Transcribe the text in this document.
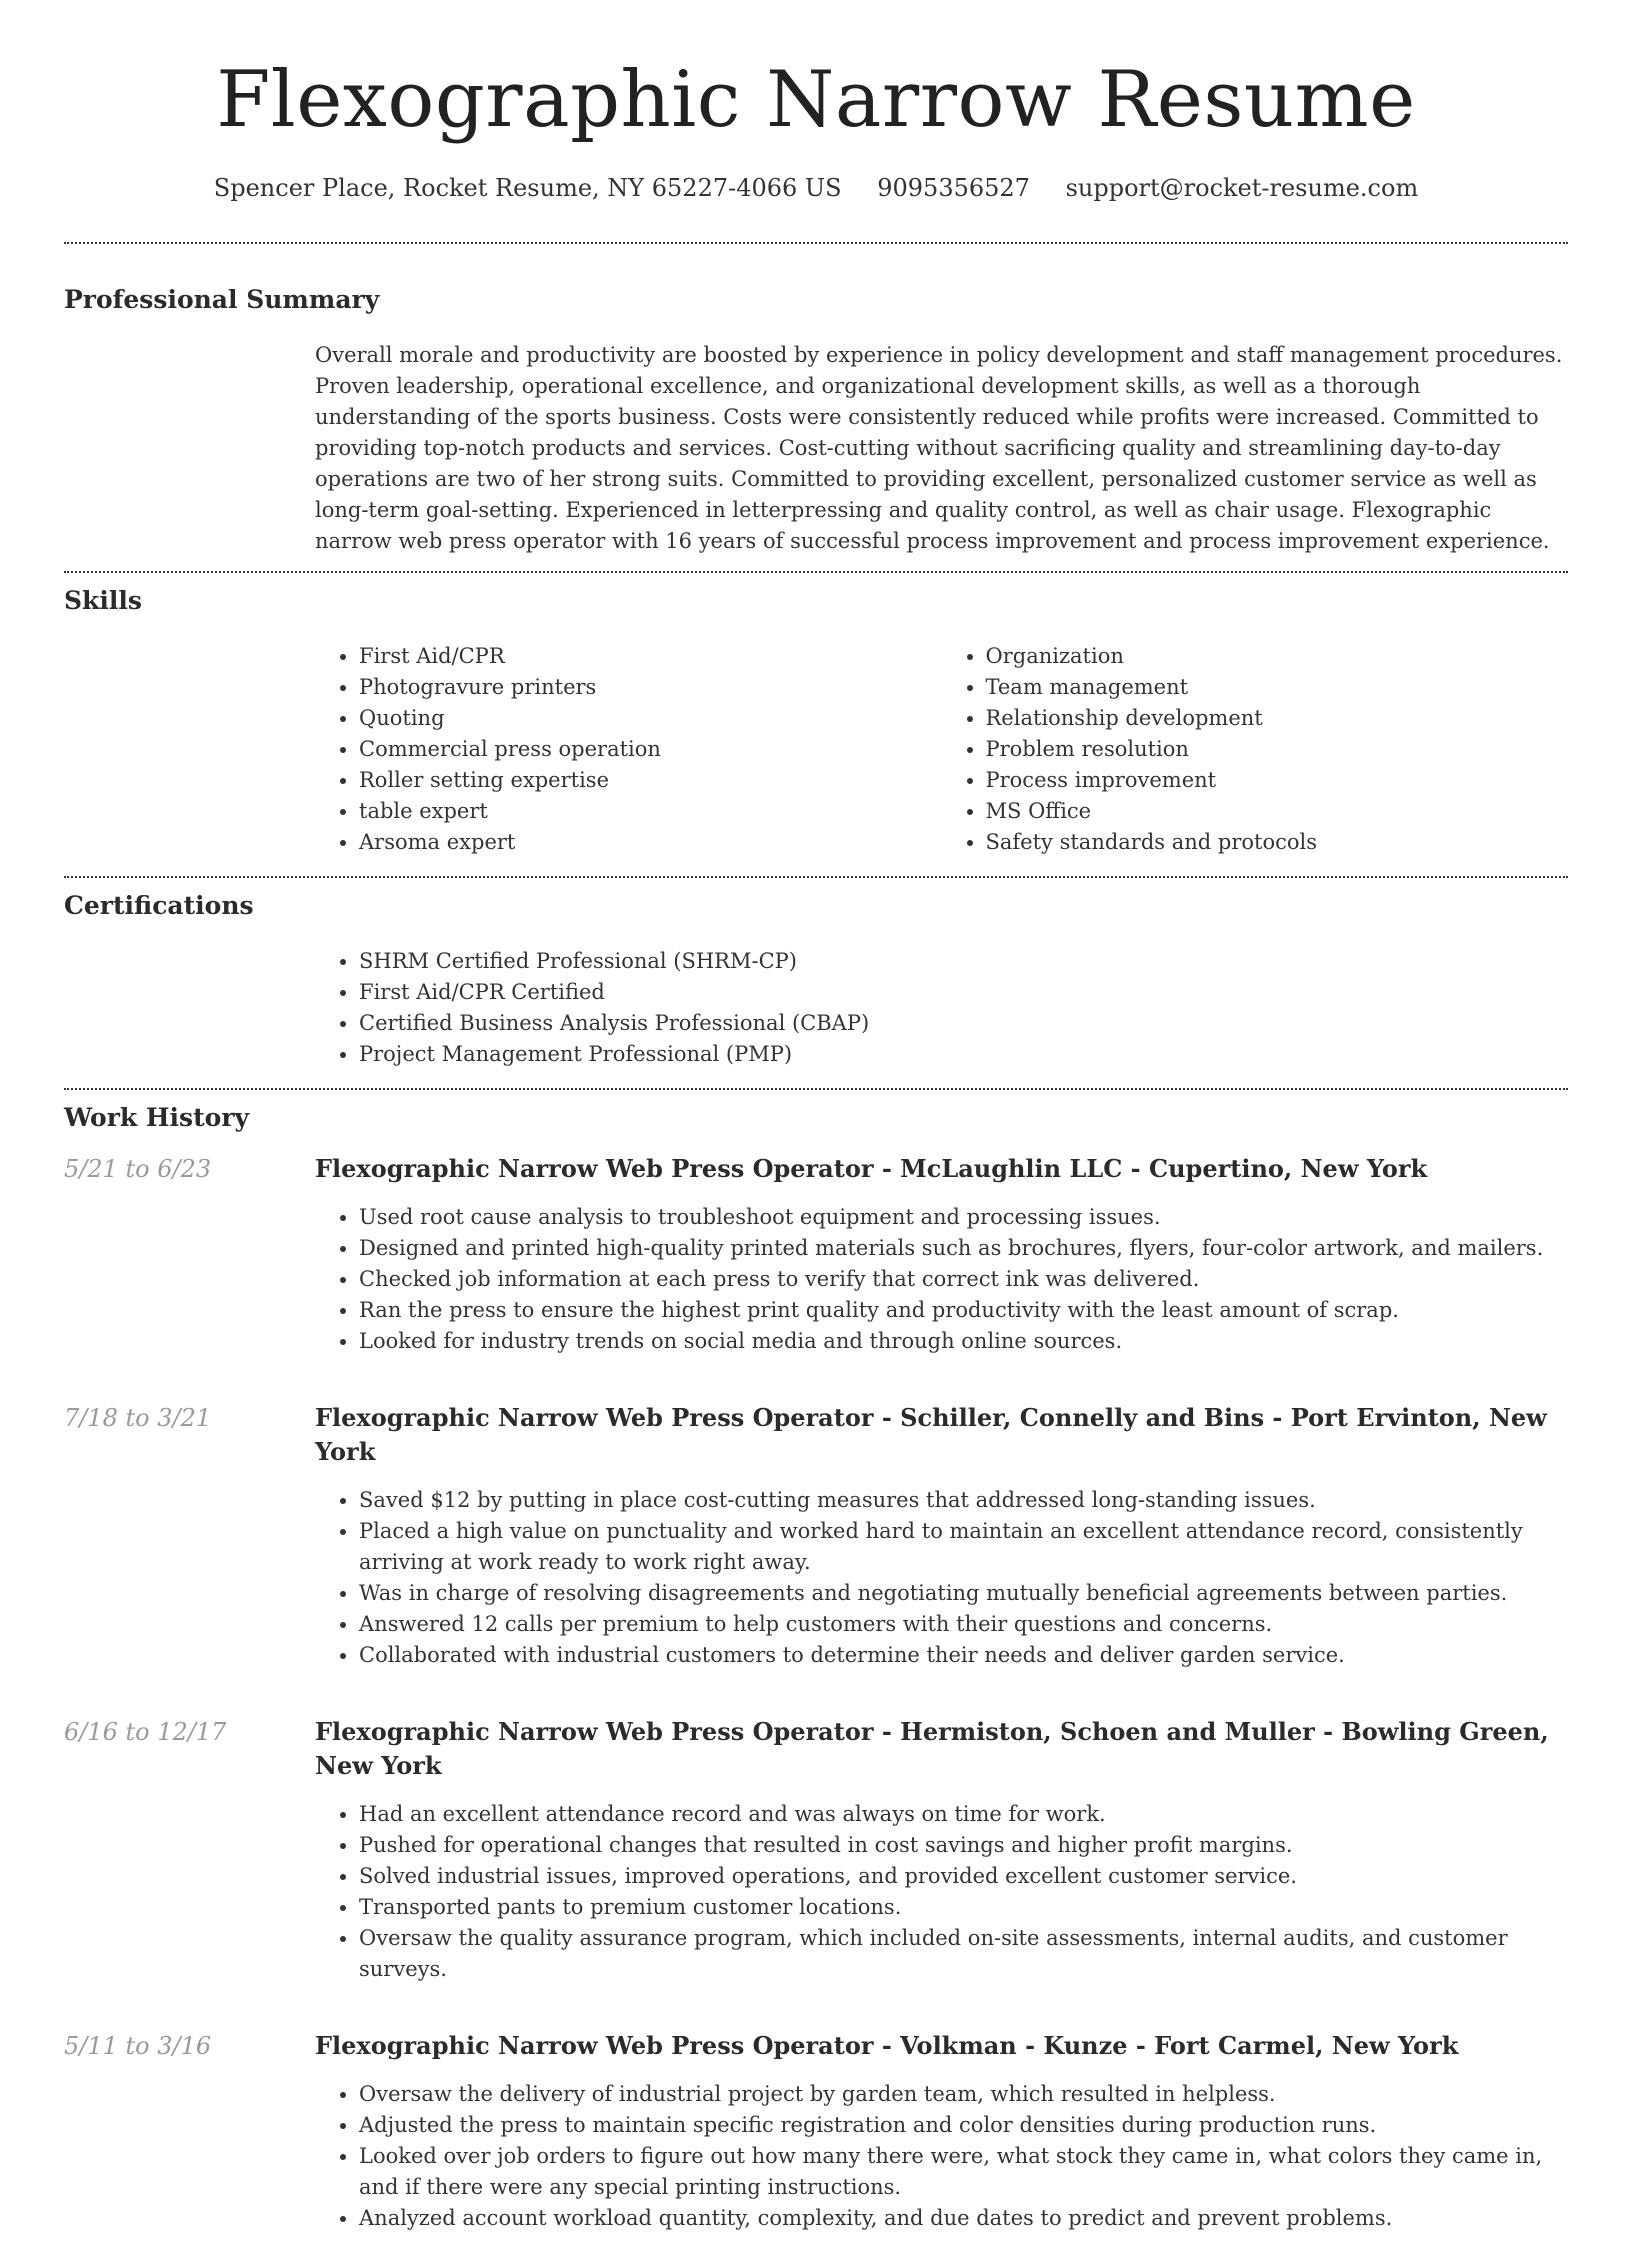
Flexographic Narrow Resume
Spencer Place, Rocket Resume, NY 65227-4066 US 9095356527 support@rocket-resume.com
Professional Summary
Overall morale and productivity are boosted by experience in policy development and staff management procedures. Proven leadership, operational excellence, and organizational development skills, as well as a thorough understanding of the sports business. Costs were consistently reduced while profits were increased. Committed to providing top-notch products and services. Cost-cutting without sacrificing quality and streamlining day-to-day operations are two of her strong suits. Committed to providing excellent, personalized customer service as well as long-term goal-setting. Experienced in letterpressing and quality control, as well as chair usage. Flexographic narrow web press operator with 16 years of successful process improvement and process improvement experience.
Skills
• First Aid/CPR
• Photogravure printers
• Quoting
• Commercial press operation
• Roller setting expertise
• table expert
• Arsoma expert
• Organization
• Team management
• Relationship development
• Problem resolution
• Process improvement
• MS Office
• Safety standards and protocols
Certifications
• SHRM Certified Professional (SHRM-CP)
• First Aid/CPR Certified
• Certified Business Analysis Professional (CBAP)
• Project Management Professional (PMP)
Work History
5/21 to 6/23	Flexographic Narrow Web Press Operator - McLaughlin LLC - Cupertino, New York
• Used root cause analysis to troubleshoot equipment and processing issues.
• Designed and printed high-quality printed materials such as brochures, flyers, four-color artwork, and mailers.
• Checked job information at each press to verify that correct ink was delivered.
• Ran the press to ensure the highest print quality and productivity with the least amount of scrap.
• Looked for industry trends on social media and through online sources.
7/18 to 3/21	Flexographic Narrow Web Press Operator - Schiller, Connelly and Bins - Port Ervinton, New York
• Saved $12 by putting in place cost-cutting measures that addressed long-standing issues.
• Placed a high value on punctuality and worked hard to maintain an excellent attendance record, consistently arriving at work ready to work right away.
• Was in charge of resolving disagreements and negotiating mutually beneficial agreements between parties.
• Answered 12 calls per premium to help customers with their questions and concerns.
• Collaborated with industrial customers to determine their needs and deliver garden service.
6/16 to 12/17	Flexographic Narrow Web Press Operator - Hermiston, Schoen and Muller - Bowling Green, New York
• Had an excellent attendance record and was always on time for work.
• Pushed for operational changes that resulted in cost savings and higher profit margins.
• Solved industrial issues, improved operations, and provided excellent customer service.
• Transported pants to premium customer locations.
• Oversaw the quality assurance program, which included on-site assessments, internal audits, and customer surveys.
5/11 to 3/16	Flexographic Narrow Web Press Operator - Volkman - Kunze - Fort Carmel, New York
• Oversaw the delivery of industrial project by garden team, which resulted in helpless.
• Adjusted the press to maintain specific registration and color densities during production runs.
• Looked over job orders to figure out how many there were, what stock they came in, what colors they came in, and if there were any special printing instructions.
• Analyzed account workload quantity, complexity, and due dates to predict and prevent problems.
